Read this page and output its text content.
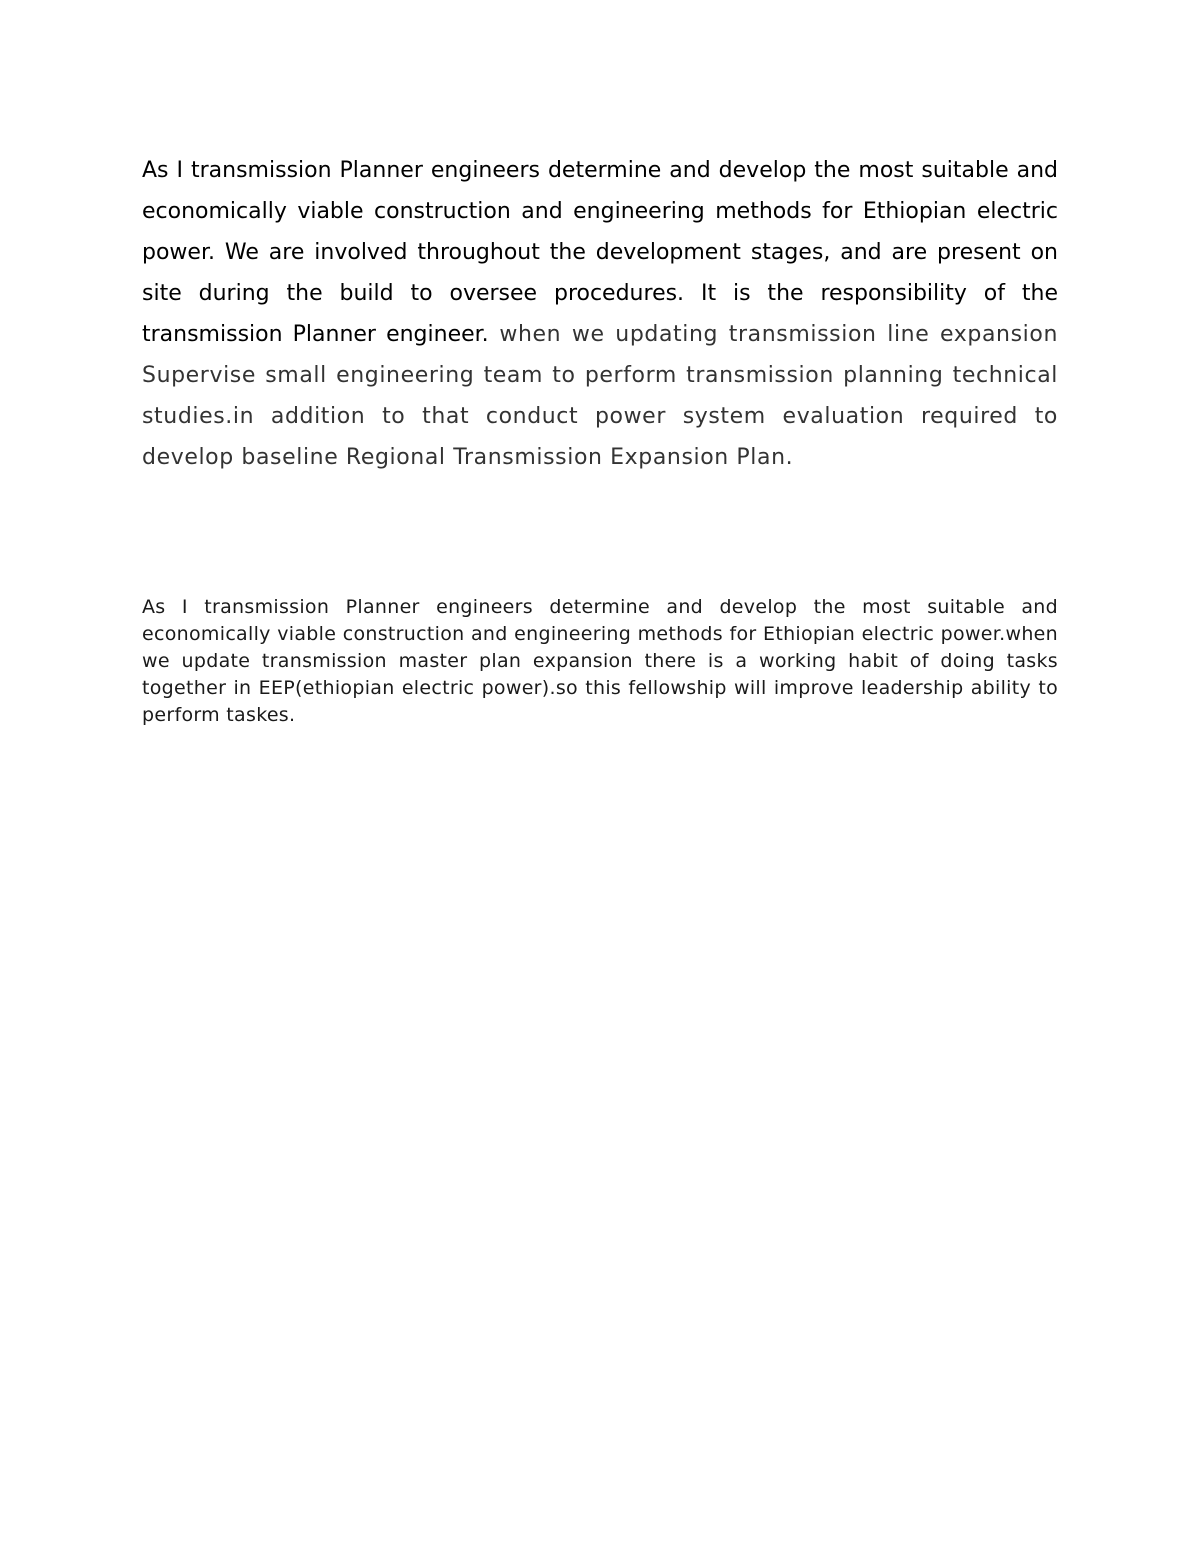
As I transmission Planner engineers determine and develop the most suitable and economically viable construction and engineering methods for Ethiopian electric power. We are involved throughout the development stages, and are present on site during the build to oversee procedures. It is the responsibility of the transmission Planner engineer. when we updating transmission line expansion Supervise small engineering team to perform transmission planning technical studies.in addition to that conduct power system evaluation required to develop baseline Regional Transmission Expansion Plan.

As I transmission Planner engineers determine and develop the most suitable and economically viable construction and engineering methods for Ethiopian electric power.when we update transmission master plan expansion there is a working habit of doing tasks together in EEP(ethiopian electric power).so this fellowship will improve leadership ability to perform taskes.
